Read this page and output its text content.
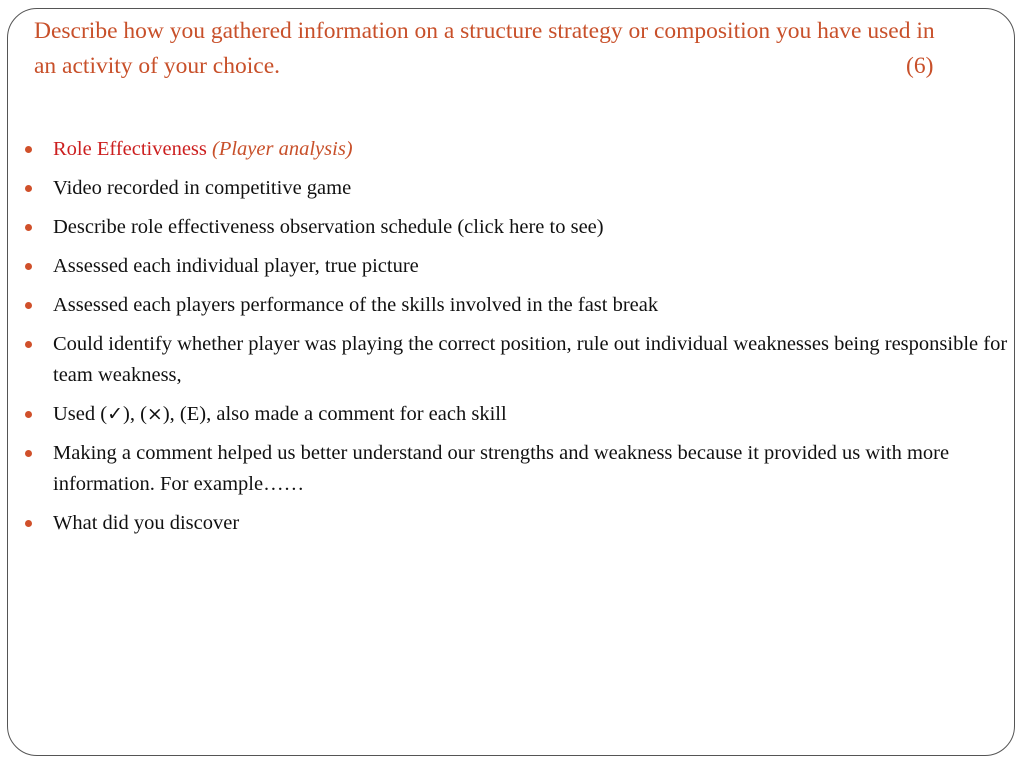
Describe how you gathered information on a structure strategy or composition you have used in an activity of your choice.	(6)
Role Effectiveness (Player analysis)
Video recorded in competitive game
Describe role effectiveness observation schedule (click here to see)
Assessed each individual player, true picture
Assessed each players performance of the skills involved in the fast break
Could identify whether player was playing the correct position, rule out individual weaknesses being responsible for team weakness,
Used (✓), (×), (E), also made a comment for each skill
Making a comment helped us better understand our strengths and weakness because it provided us with more information. For example……
What did you discover
